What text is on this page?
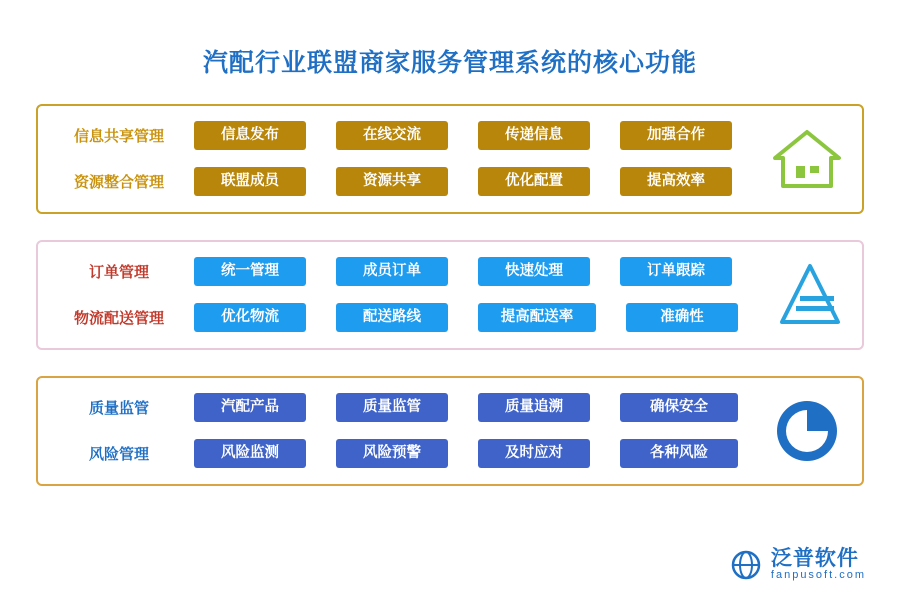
汽配行业联盟商家服务管理系统的核心功能
信息共享管理	信息发布	在线交流	传递信息	加强合作
资源整合管理	联盟成员	资源共享	优化配置	提高效率
订单管理	统一管理	成员订单	快速处理	订单跟踪
物流配送管理	优化物流	配送路线	提高配送率	准确性
质量监管	汽配产品	质量监管	质量追溯	确保安全
风险管理	风险监测	风险预警	及时应对	各种风险
泛普软件
fanpusoft.com
